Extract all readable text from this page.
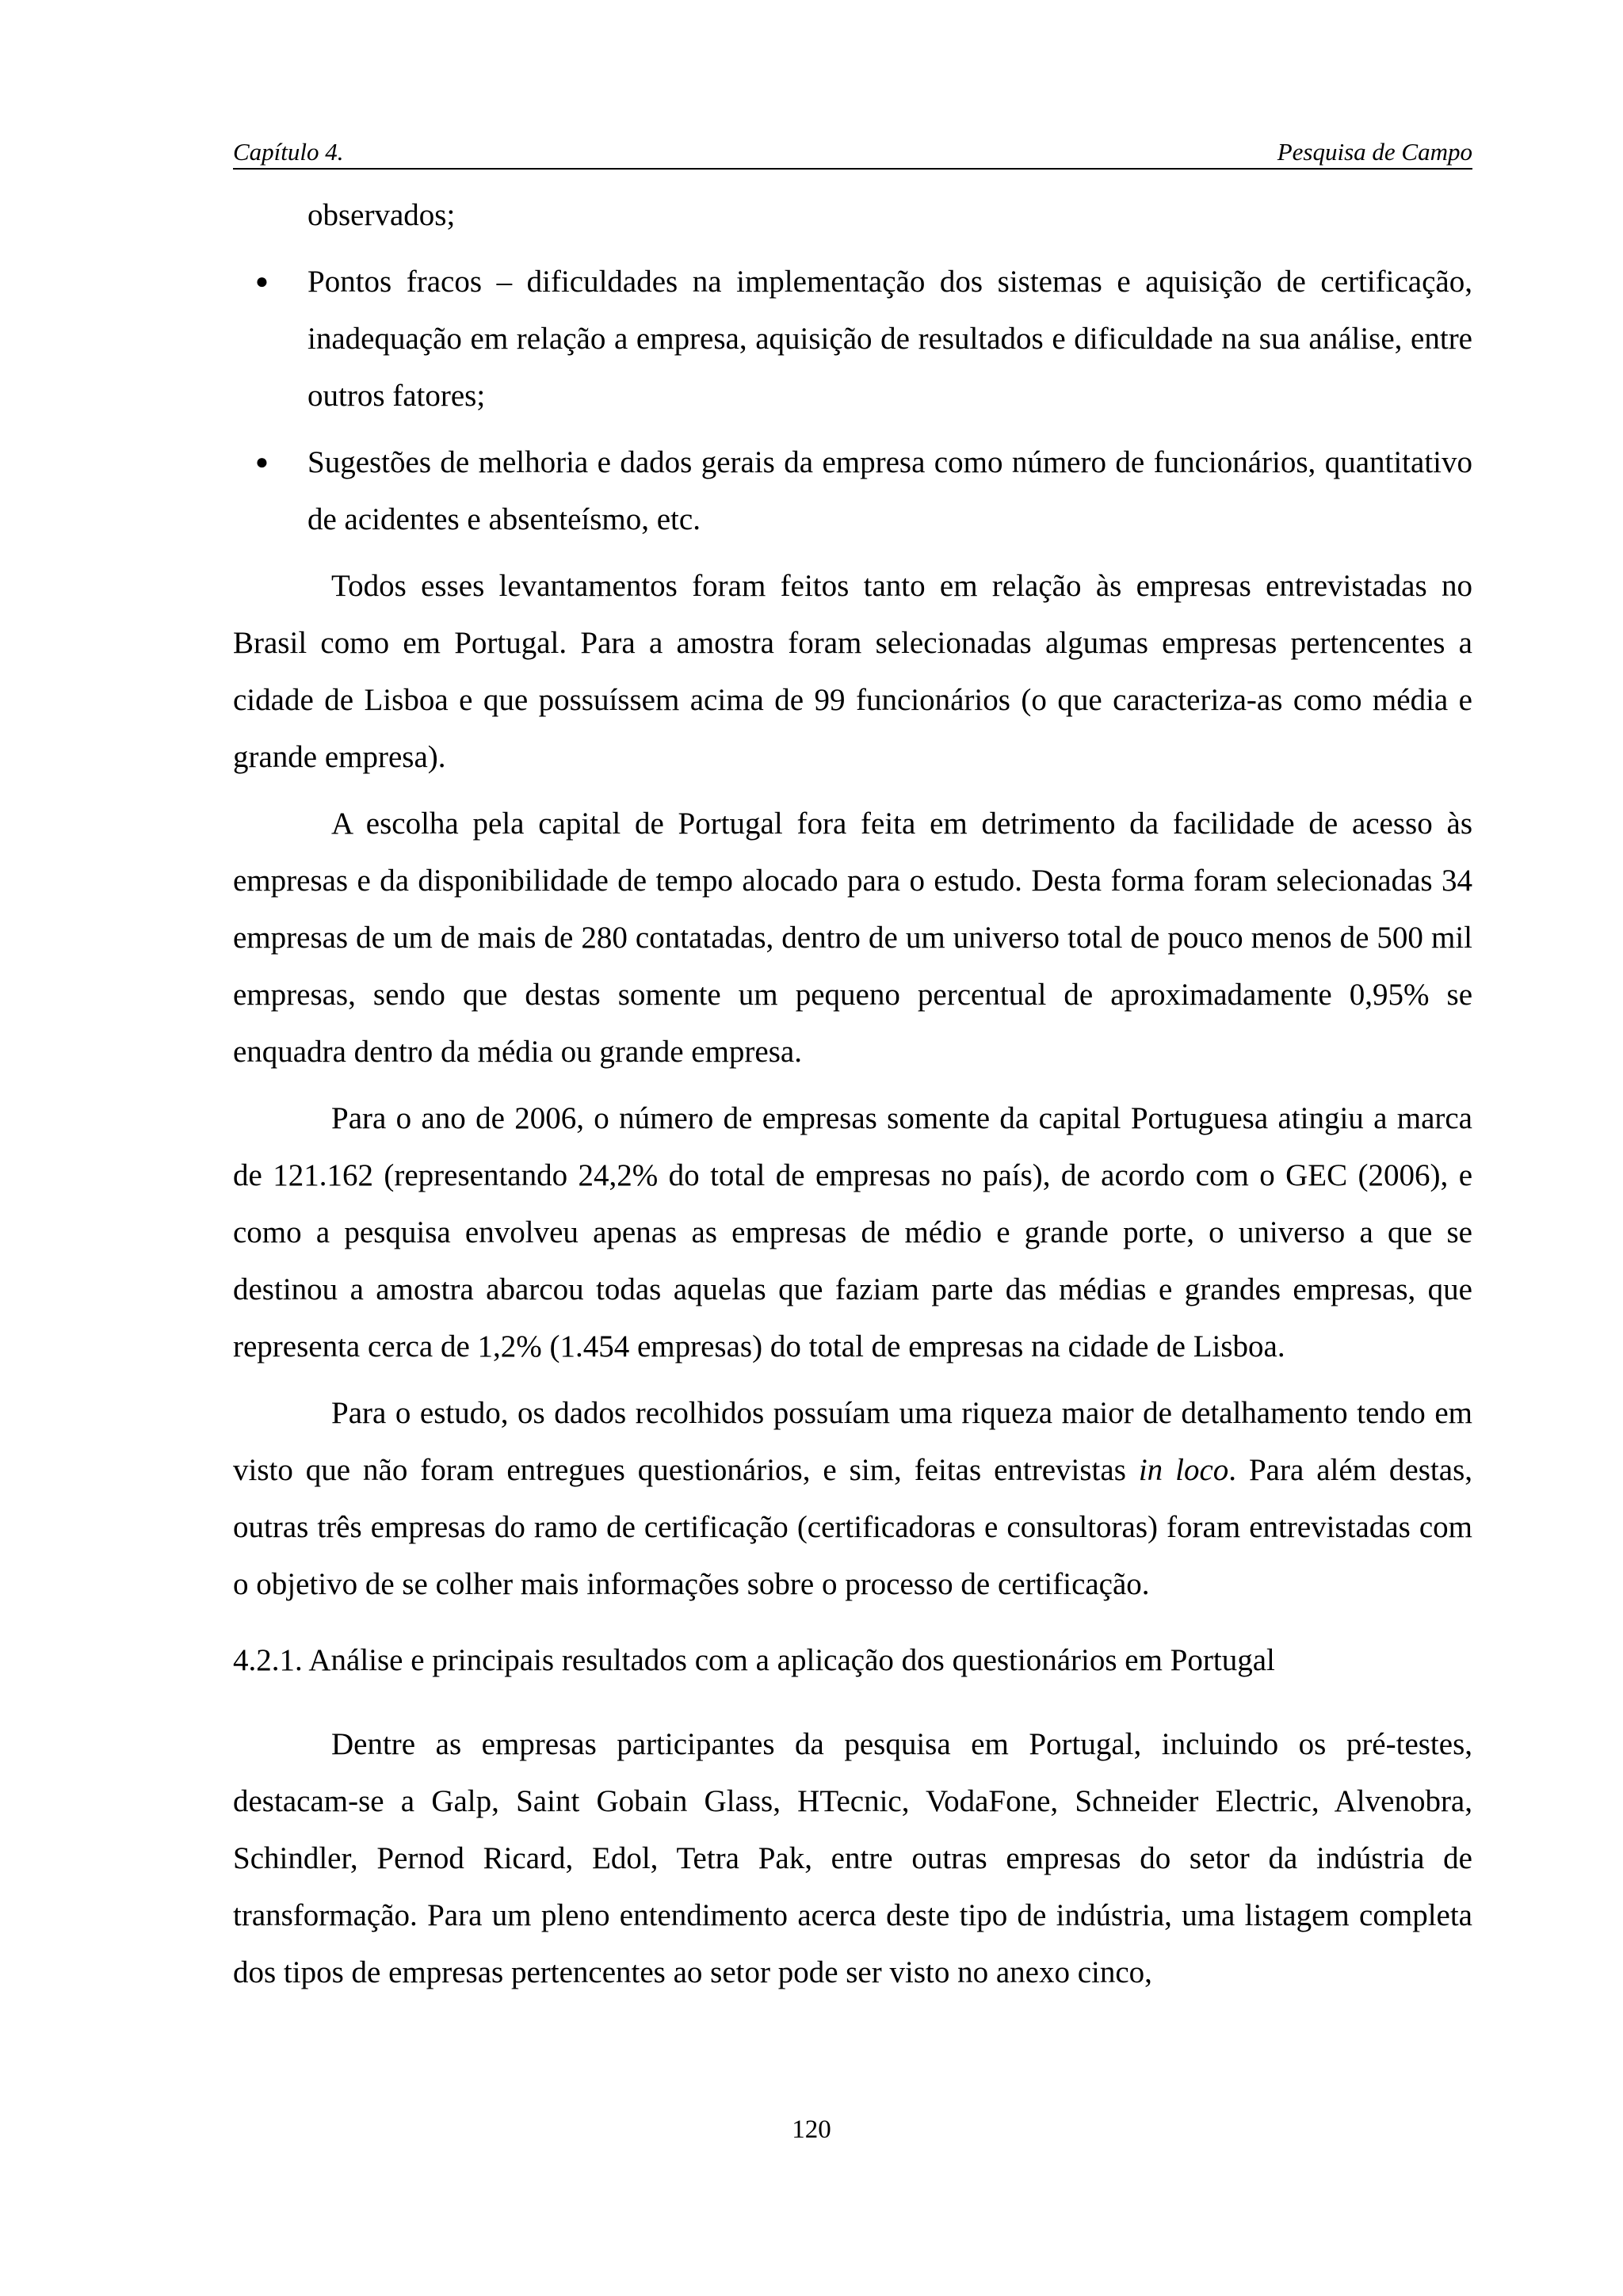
Capítulo 4.	Pesquisa de Campo

observados;

● Pontos fracos – dificuldades na implementação dos sistemas e aquisição de certificação, inadequação em relação a empresa, aquisição de resultados e dificuldade na sua análise, entre outros fatores;

● Sugestões de melhoria e dados gerais da empresa como número de funcionários, quantitativo de acidentes e absenteísmo, etc.

Todos esses levantamentos foram feitos tanto em relação às empresas entrevistadas no Brasil como em Portugal. Para a amostra foram selecionadas algumas empresas pertencentes a cidade de Lisboa e que possuíssem acima de 99 funcionários (o que caracteriza-as como média e grande empresa).

A escolha pela capital de Portugal fora feita em detrimento da facilidade de acesso às empresas e da disponibilidade de tempo alocado para o estudo. Desta forma foram selecionadas 34 empresas de um de mais de 280 contatadas, dentro de um universo total de pouco menos de 500 mil empresas, sendo que destas somente um pequeno percentual de aproximadamente 0,95% se enquadra dentro da média ou grande empresa.

Para o ano de 2006, o número de empresas somente da capital Portuguesa atingiu a marca de 121.162 (representando 24,2% do total de empresas no país), de acordo com o GEC (2006), e como a pesquisa envolveu apenas as empresas de médio e grande porte, o universo a que se destinou a amostra abarcou todas aquelas que faziam parte das médias e grandes empresas, que representa cerca de 1,2% (1.454 empresas) do total de empresas na cidade de Lisboa.

Para o estudo, os dados recolhidos possuíam uma riqueza maior de detalhamento tendo em visto que não foram entregues questionários, e sim, feitas entrevistas in loco. Para além destas, outras três empresas do ramo de certificação (certificadoras e consultoras) foram entrevistadas com o objetivo de se colher mais informações sobre o processo de certificação.

4.2.1. Análise e principais resultados com a aplicação dos questionários em Portugal

Dentre as empresas participantes da pesquisa em Portugal, incluindo os pré-testes, destacam-se a Galp, Saint Gobain Glass, HTecnic, VodaFone, Schneider Electric, Alvenobra, Schindler, Pernod Ricard, Edol, Tetra Pak, entre outras empresas do setor da indústria de transformação. Para um pleno entendimento acerca deste tipo de indústria, uma listagem completa dos tipos de empresas pertencentes ao setor pode ser visto no anexo cinco,

120
